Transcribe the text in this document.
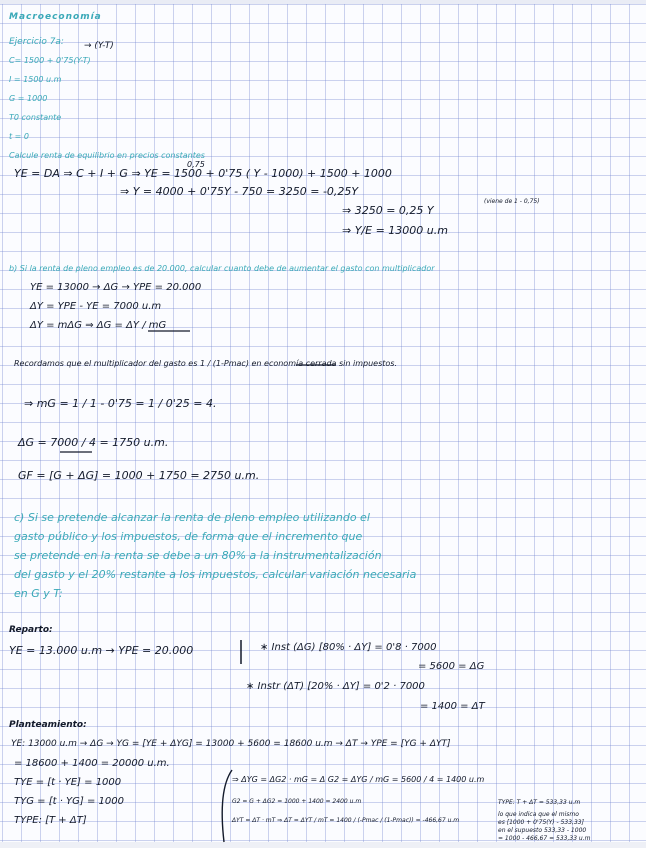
Macroeconomía
Ejercicio 7a: → (Y-T)
C= 1500 + 0'75(Y-T)
I = 1500 u.m
G = 1000
T0 constante
t = 0
Calcule renta de equilibrio en precios constantes
0,75
YE = DA ⇒ C + I + G ⇒ YE = 1500 + 0'75 ( Y - 1000) + 1500 + 1000
⇒ Y = 4000 + 0'75Y - 750 = 3250 = -0,25Y
⇒ 3250 = 0,25 Y
(viene de 1 - 0,75)
⇒ Y/E = 13000 u.m
b) Si la renta de pleno empleo es de 20.000, calcular cuanto debe de aumentar el gasto con multiplicador
YE = 13000 → ΔG → YPE = 20.000
ΔY = YPE - YE = 7000 u.m
ΔY = mΔG ⇒ ΔG = ΔY / mG
Recordamos que el multiplicador del gasto es 1 / (1-Pmac) en economía cerrada sin impuestos.
⇒ mG = 1 / 1 - 0'75 = 1 / 0'25 = 4.
ΔG = 7000 / 4 = 1750 u.m.
GF = [G + ΔG] = 1000 + 1750 = 2750 u.m.
c) Si se pretende alcanzar la renta de pleno empleo utilizando el
gasto público y los impuestos, de forma que el incremento que
se pretende en la renta se debe a un 80% a la instrumentalización
del gasto y el 20% restante a los impuestos, calcular variación necesaria
en G y T:
Reparto:
YE = 13.000 u.m → YPE = 20.000	∗ Inst (ΔG) [80% · ΔY] = 0'8 · 7000
= 5600 = ΔG
∗ Instr (ΔT) [20% · ΔY] = 0'2 · 7000
= 1400 = ΔT
Planteamiento:
YE: 13000 u.m → ΔG → YG = [YE + ΔYG] = 13000 + 5600 = 18600 u.m → ΔT → YPE = [YG + ΔYT]
= 18600 + 1400 = 20000 u.m.
TYE = [t · YE] = 1000
TYG = [t · YG] = 1000
TYPE: [T + ΔT]
⇒ ΔYG = ΔG2 · mG = Δ G2 = ΔYG / mG = 5600 / 4 = 1400 u.m
G2 = G + ΔG2 = 1000 + 1400 = 2400 u.m
ΔYT = ΔT · mT ⇒ ΔT = ΔYT / mT = 1400 / (-Pmac / (1-Pmac)) = -466,67 u.m
TYPE: T + ΔT = 533,33 u.m
lo que indica que el mismo
es [1000 + 0'75(Y) - 533,33]
en el supuesto 533,33 - 1000
= 1000 - 466,67 = 533,33 u.m
